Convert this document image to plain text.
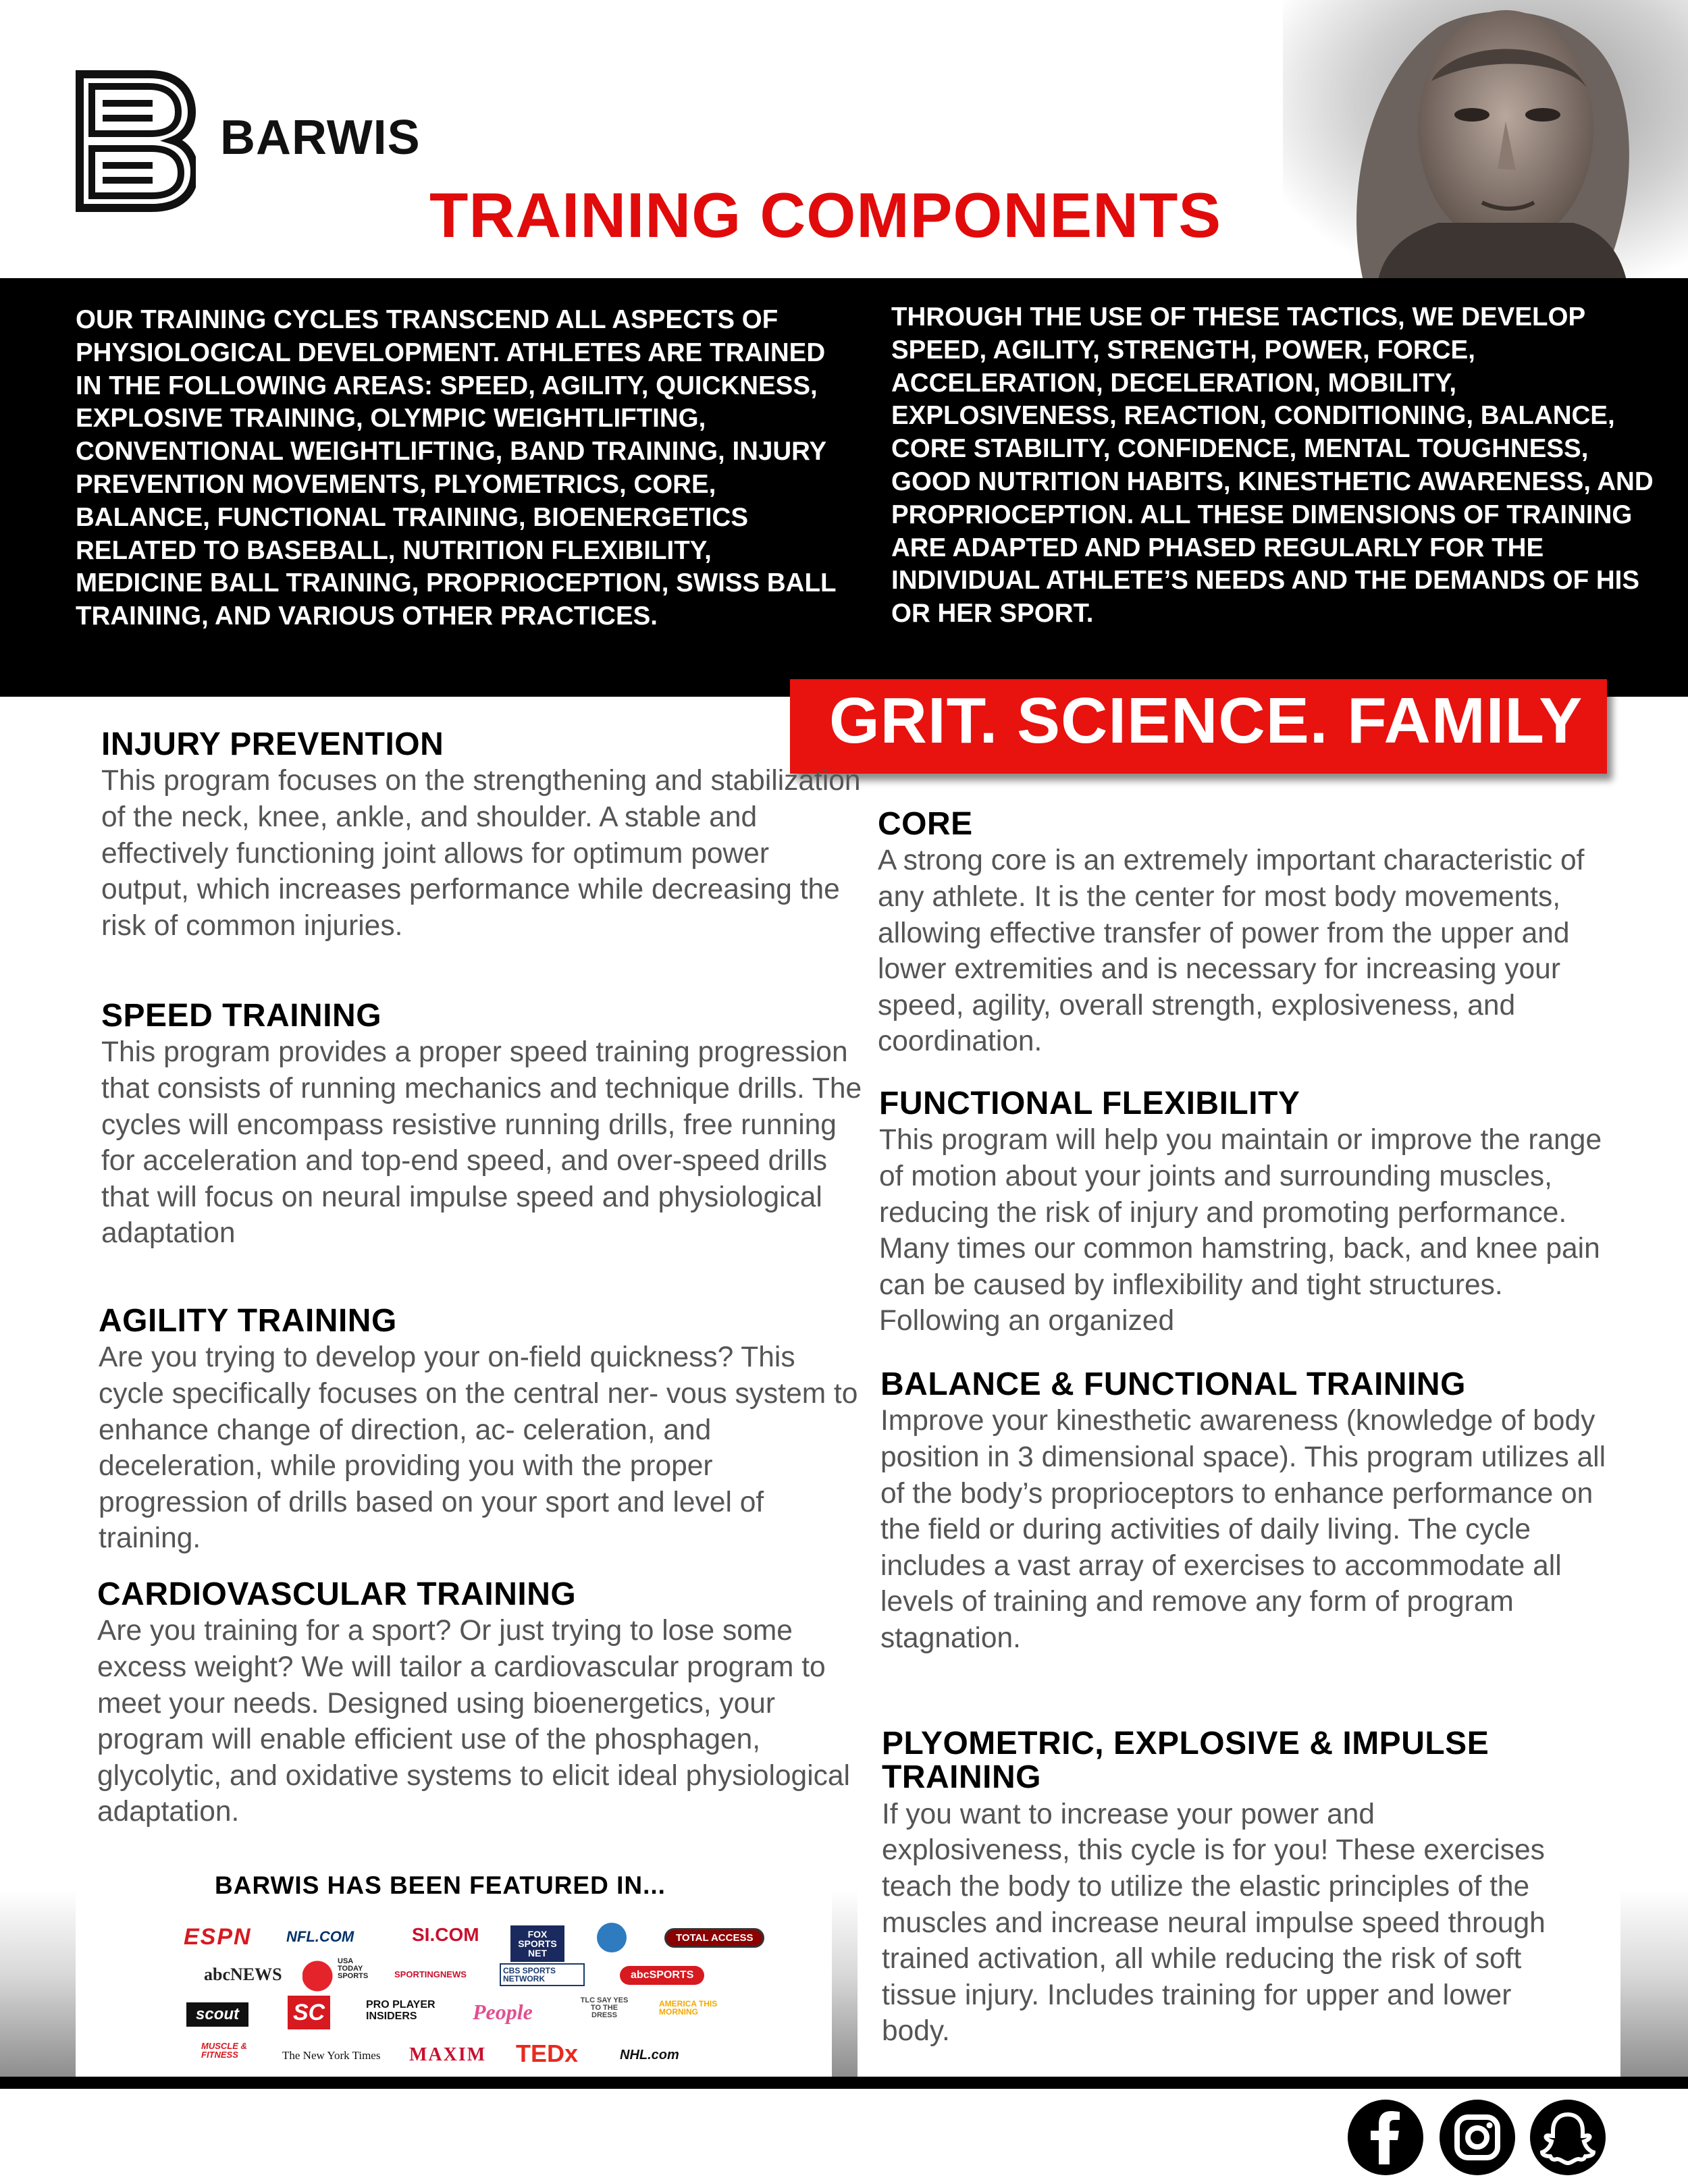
BARWIS
TRAINING COMPONENTS
OUR TRAINING CYCLES TRANSCEND ALL ASPECTS OF PHYSIOLOGICAL DEVELOPMENT. ATHLETES ARE TRAINED IN THE FOLLOWING AREAS: SPEED, AGILITY, QUICKNESS, EXPLOSIVE TRAINING, OLYMPIC WEIGHTLIFTING, CONVENTIONAL WEIGHTLIFTING, BAND TRAINING, INJURY PREVENTION MOVEMENTS, PLYOMETRICS, CORE, BALANCE, FUNCTIONAL TRAINING, BIOENERGETICS RELATED TO BASEBALL, NUTRITION FLEXIBILITY, MEDICINE BALL TRAINING, PROPRIOCEPTION, SWISS BALL TRAINING, AND VARIOUS OTHER PRACTICES.
THROUGH THE USE OF THESE TACTICS, WE DEVELOP SPEED, AGILITY, STRENGTH, POWER, FORCE, ACCELERATION, DECELERATION, MOBILITY, EXPLOSIVENESS, REACTION, CONDITIONING, BALANCE, CORE STABILITY, CONFIDENCE, MENTAL TOUGHNESS, GOOD NUTRITION HABITS, KINESTHETIC AWARENESS, AND PROPRIOCEPTION. ALL THESE DIMENSIONS OF TRAINING ARE ADAPTED AND PHASED REGULARLY FOR THE INDIVIDUAL ATHLETE’S NEEDS AND THE DEMANDS OF HIS OR HER SPORT.
GRIT. SCIENCE. FAMILY
INJURY PREVENTION

This program focuses on the strengthening and stabilization of the neck, knee, ankle, and shoulder. A stable and effectively functioning joint allows for optimum power output, which increases performance while decreasing the risk of common injuries.

SPEED TRAINING

This program provides a proper speed training progression that consists of running mechanics and technique drills. The cycles will encompass resistive running drills, free running for acceleration and top-end speed, and over-speed drills that will focus on neural impulse speed and physiological adaptation

AGILITY TRAINING

Are you trying to develop your on-field quickness? This cycle specifically focuses on the central ner- vous system to enhance change of direction, ac- celeration, and deceleration, while providing you with the proper progression of drills based on your sport and level of training.

CARDIOVASCULAR TRAINING

Are you training for a sport? Or just trying to lose some excess weight? We will tailor a cardiovascular program to meet your needs. Designed using bioenergetics, your program will enable efficient use of the phosphagen, glycolytic, and oxidative systems to elicit ideal physiological adaptation.

CORE

A strong core is an extremely important characteristic of any athlete. It is the center for most body movements, allowing effective transfer of power from the upper and lower extremities and is necessary for increasing your speed, agility, overall strength, explosiveness, and coordination.

FUNCTIONAL FLEXIBILITY

This program will help you maintain or improve the range of motion about your joints and surrounding muscles, reducing the risk of injury and promoting performance. Many times our common hamstring, back, and knee pain can be caused by inflexibility and tight structures. Following an organized

BALANCE & FUNCTIONAL TRAINING

Improve your kinesthetic awareness (knowledge of body position in 3 dimensional space). This program utilizes all of the body’s proprioceptors to enhance performance on the field or during activities of daily living. The cycle includes a vast array of exercises to accommodate all levels of training and remove any form of program stagnation.

PLYOMETRIC, EXPLOSIVE & IMPULSE TRAINING

If you want to increase your power and explosiveness, this cycle is for you! These exercises teach the body to utilize the elastic principles of the muscles and increase neural impulse speed through trained activation, all while reducing the risk of soft tissue injury. Includes training for upper and lower body.

BARWIS HAS BEEN FEATURED IN...
ESPN NFL.COM	SI.COM	FOX SPORTS NET
TOTAL ACCESS
abcNEWS
USA TODAY SPORTS	SPORTINGNEWS	CBS SPORTS NETWORK	abcSPORTS
scout	SC	PRO PLAYER INSIDERS	People	TLC SAY YES TO THE DRESS
AMERICA THIS MORNING
MUSCLE & FITNESS	The New York Times MAXIM TEDx	NHL.com
